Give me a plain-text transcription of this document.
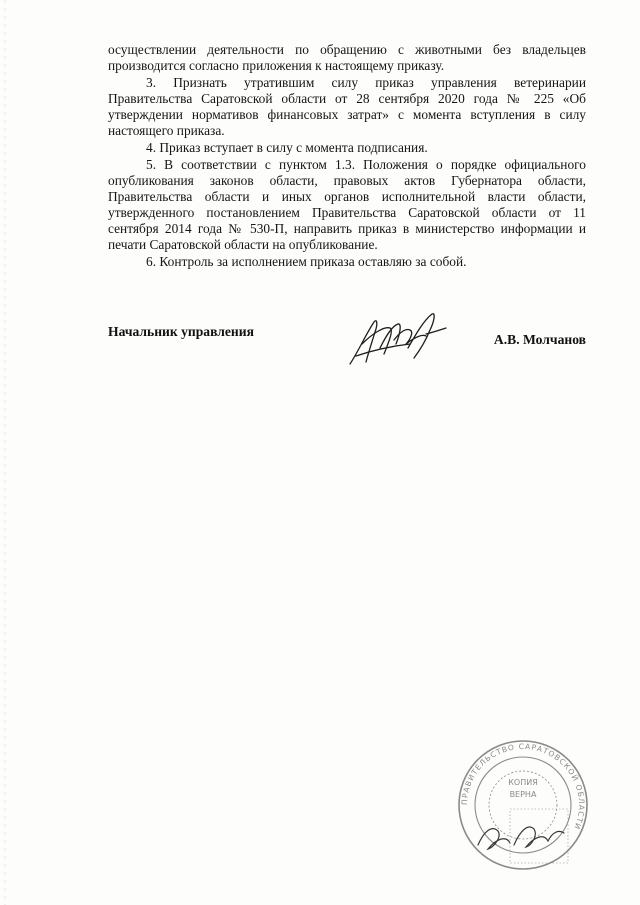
осуществлении деятельности по обращению с животными без владельцев производится согласно приложения к настоящему приказу.

3. Признать утратившим силу приказ управления ветеринарии Правительства Саратовской области от 28 сентября 2020 года № 225 «Об утверждении нормативов финансовых затрат» с момента вступления в силу настоящего приказа.

4. Приказ вступает в силу с момента подписания.

5. В соответствии с пунктом 1.3. Положения о порядке официального опубликования законов области, правовых актов Губернатора области, Правительства области и иных органов исполнительной власти области, утвержденного постановлением Правительства Саратовской области от 11 сентября 2014 года № 530-П, направить приказ в министерство информации и печати Саратовской области на опубликование.

6. Контроль за исполнением приказа оставляю за собой.

Начальник управления
А.В. Молчанов
ПРАВИТЕЛЬСТВО САРАТОВСКОЙ ОБЛАСТИ
КОПИЯ
ВЕРНА
